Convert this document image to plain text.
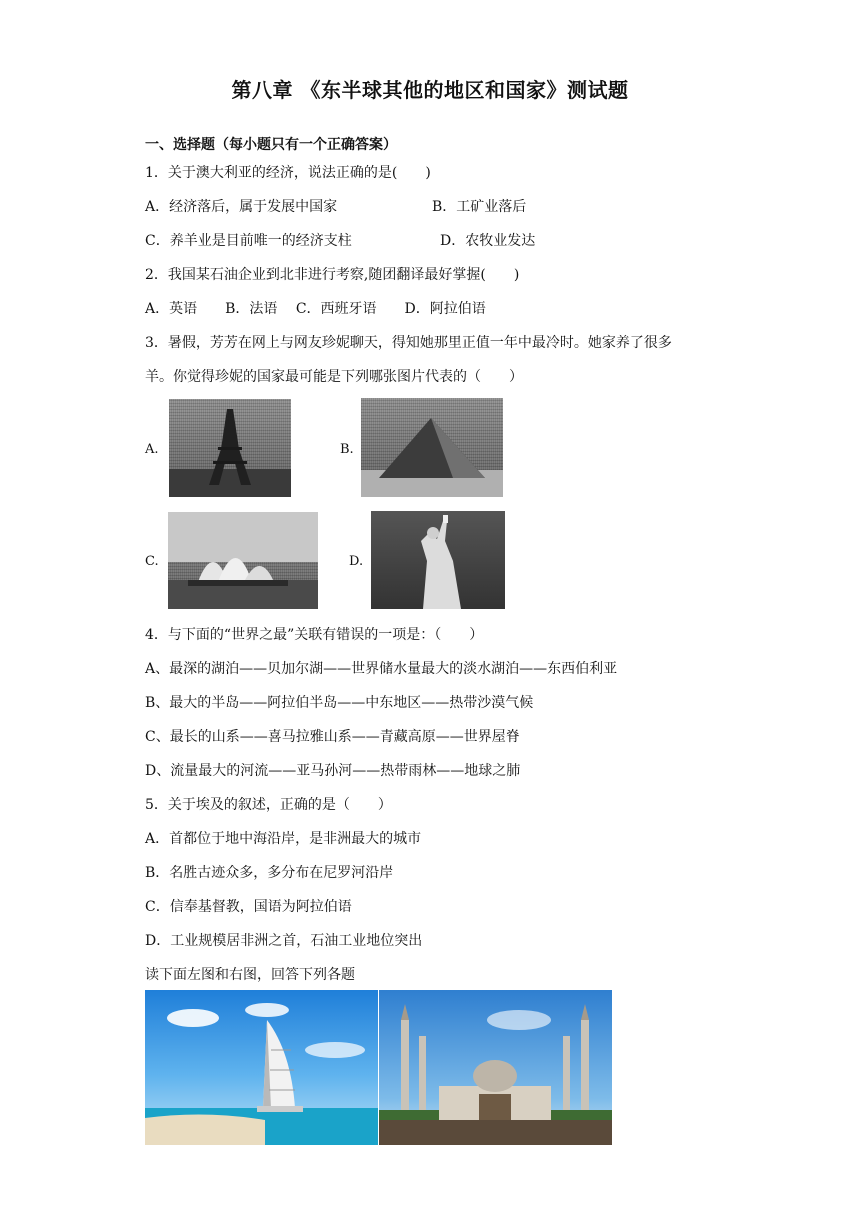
第八章 《东半球其他的地区和国家》测试题
一、选择题（每小题只有一个正确答案）
1．关于澳大利亚的经济，说法正确的是(　　)
A．经济落后，属于发展中国家	B．工矿业落后
C．养羊业是目前唯一的经济支柱	D．农牧业发达
2．我国某石油企业到北非进行考察,随团翻译最好掌握(　　)
A．英语　　B．法语　 C．西班牙语　　D．阿拉伯语
3．暑假，芳芳在网上与网友珍妮聊天，得知她那里正值一年中最冷时。她家养了很多
羊。你觉得珍妮的国家最可能是下列哪张图片代表的（　　）
A.	B.
C.	D.
4．与下面的“世界之最”关联有错误的一项是：（　　）
A、最深的湖泊——贝加尔湖——世界储水量最大的淡水湖泊——东西伯利亚
B、最大的半岛——阿拉伯半岛——中东地区——热带沙漠气候
C、最长的山系——喜马拉雅山系——青藏高原——世界屋脊
D、流量最大的河流——亚马孙河——热带雨林——地球之肺
5．关于埃及的叙述，正确的是（　　）
A．首都位于地中海沿岸，是非洲最大的城市
B．名胜古迹众多，多分布在尼罗河沿岸
C．信奉基督教，国语为阿拉伯语
D．工业规模居非洲之首，石油工业地位突出
读下面左图和右图，回答下列各题
